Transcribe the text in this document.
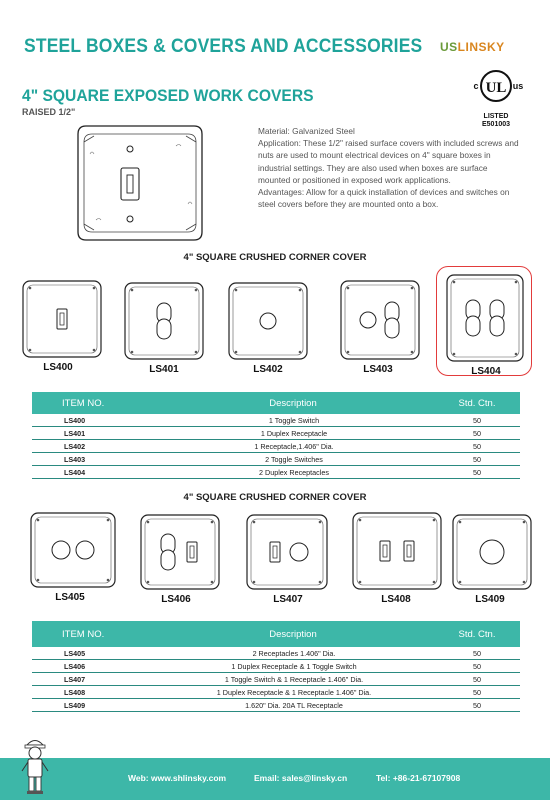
STEEL BOXES & COVERS AND ACCESSORIES USLINSKY
4" SQUARE EXPOSED WORK COVERS
RAISED 1/2"
UL
c	us
LISTED
E501003
Material: Galvanized Steel
Application: These 1/2" raised surface covers with included screws and nuts are used to mount electrical devices on 4" square boxes in industrial settings. They are also used when boxes are surface mounted or positioned in exposed work applications.
Advantages: Allow for a quick installation of devices and switches on steel covers before they are mounted onto a box.
4" SQUARE CRUSHED CORNER COVER
LS400	LS401	LS402	LS403	LS404
ITEM NO.	Description	Std. Ctn.
LS400	1 Toggle Switch	50
LS401	1 Duplex Receptacle	50
LS402	1 Receptacle,1.406" Dia.	50
LS403	2 Toggle Switches	50
LS404	2 Duplex Receptacles	50
4" SQUARE CRUSHED CORNER COVER
LS405	LS406	LS407	LS408	LS409
ITEM NO.	Description	Std. Ctn.
LS405	2 Receptacles 1.406" Dia.	50
LS406	1 Duplex Receptacle & 1 Toggle Switch	50
LS407	1 Toggle Switch & 1 Receptacle 1.406" Dia.	50
LS408	1 Duplex Receptacle & 1 Receptacle 1.406" Dia.	50
LS409	1.620" Dia. 20A TL Receptacle	50
Web: www.shlinsky.com	Email: sales@linsky.cn	Tel: +86-21-67107908
